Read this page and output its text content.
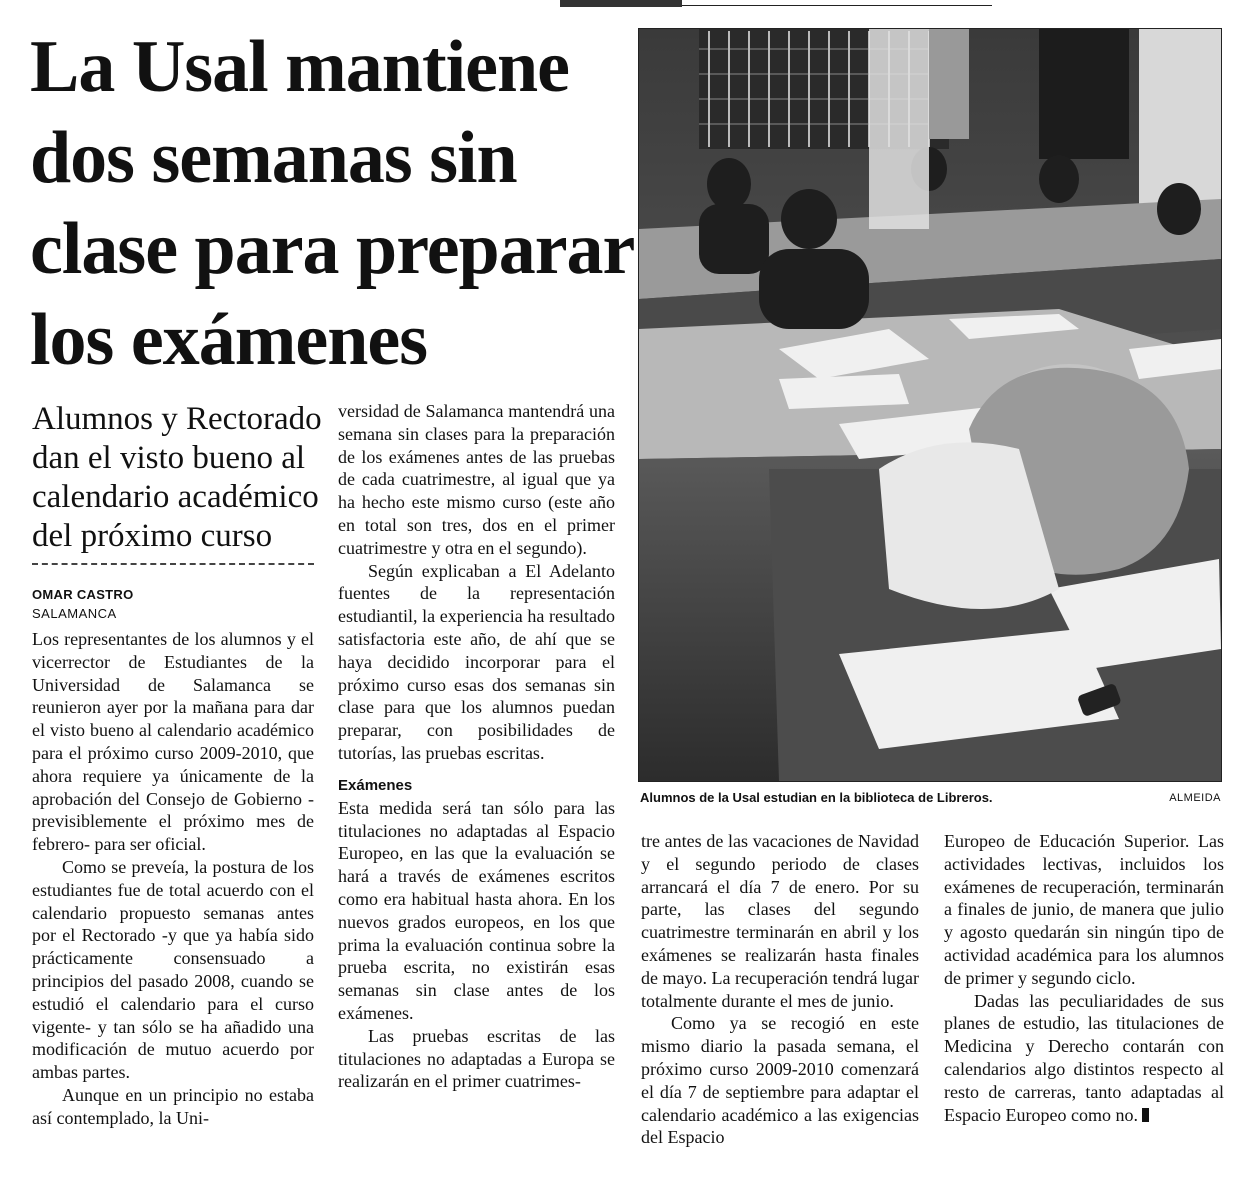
La Usal mantiene
dos semanas sin
clase para preparar
los exámenes
Alumnos y Rectorado
dan el visto bueno al
calendario académico
del próximo curso
OMAR CASTRO
SALAMANCA

Los representantes de los alumnos y el vicerrector de Estudiantes de la Universidad de Salamanca se reunieron ayer por la mañana para dar el visto bueno al calendario académico para el próximo curso 2009-2010, que ahora requiere ya únicamente de la aprobación del Consejo de Gobierno -previsiblemente el próximo mes de febrero- para ser oficial.

Como se preveía, la postura de los estudiantes fue de total acuerdo con el calendario propuesto semanas antes por el Rectorado -y que ya había sido prácticamente consensuado a principios del pasado 2008, cuando se estudió el calendario para el curso vigente- y tan sólo se ha añadido una modificación de mutuo acuerdo por ambas partes.

Aunque en un principio no estaba así contemplado, la Uni-

versidad de Salamanca mantendrá una semana sin clases para la preparación de los exámenes antes de las pruebas de cada cuatrimestre, al igual que ya ha hecho este mismo curso (este año en total son tres, dos en el primer cuatrimestre y otra en el segundo).

Según explicaban a El Adelanto fuentes de la representación estudiantil, la experiencia ha resultado satisfactoria este año, de ahí que se haya decidido incorporar para el próximo curso esas dos semanas sin clase para que los alumnos puedan preparar, con posibilidades de tutorías, las pruebas escritas.

Exámenes

Esta medida será tan sólo para las titulaciones no adaptadas al Espacio Europeo, en las que la evaluación se hará a través de exámenes escritos como era habitual hasta ahora. En los nuevos grados europeos, en los que prima la evaluación continua sobre la prueba escrita, no existirán esas semanas sin clase antes de los exámenes.

Las pruebas escritas de las titulaciones no adaptadas a Europa se realizarán en el primer cuatrimes-

Alumnos de la Usal estudian en la biblioteca de Libreros.	ALMEIDA

tre antes de las vacaciones de Navidad y el segundo periodo de clases arrancará el día 7 de enero. Por su parte, las clases del segundo cuatrimestre terminarán en abril y los exámenes se realizarán hasta finales de mayo. La recuperación tendrá lugar totalmente durante el mes de junio.

Como ya se recogió en este mismo diario la pasada semana, el próximo curso 2009-2010 comenzará el día 7 de septiembre para adaptar el calendario académico a las exigencias del Espacio

Europeo de Educación Superior. Las actividades lectivas, incluidos los exámenes de recuperación, terminarán a finales de junio, de manera que julio y agosto quedarán sin ningún tipo de actividad académica para los alumnos de primer y segundo ciclo.

Dadas las peculiaridades de sus planes de estudio, las titulaciones de Medicina y Derecho contarán con calendarios algo distintos respecto al resto de carreras, tanto adaptadas al Espacio Europeo como no.
